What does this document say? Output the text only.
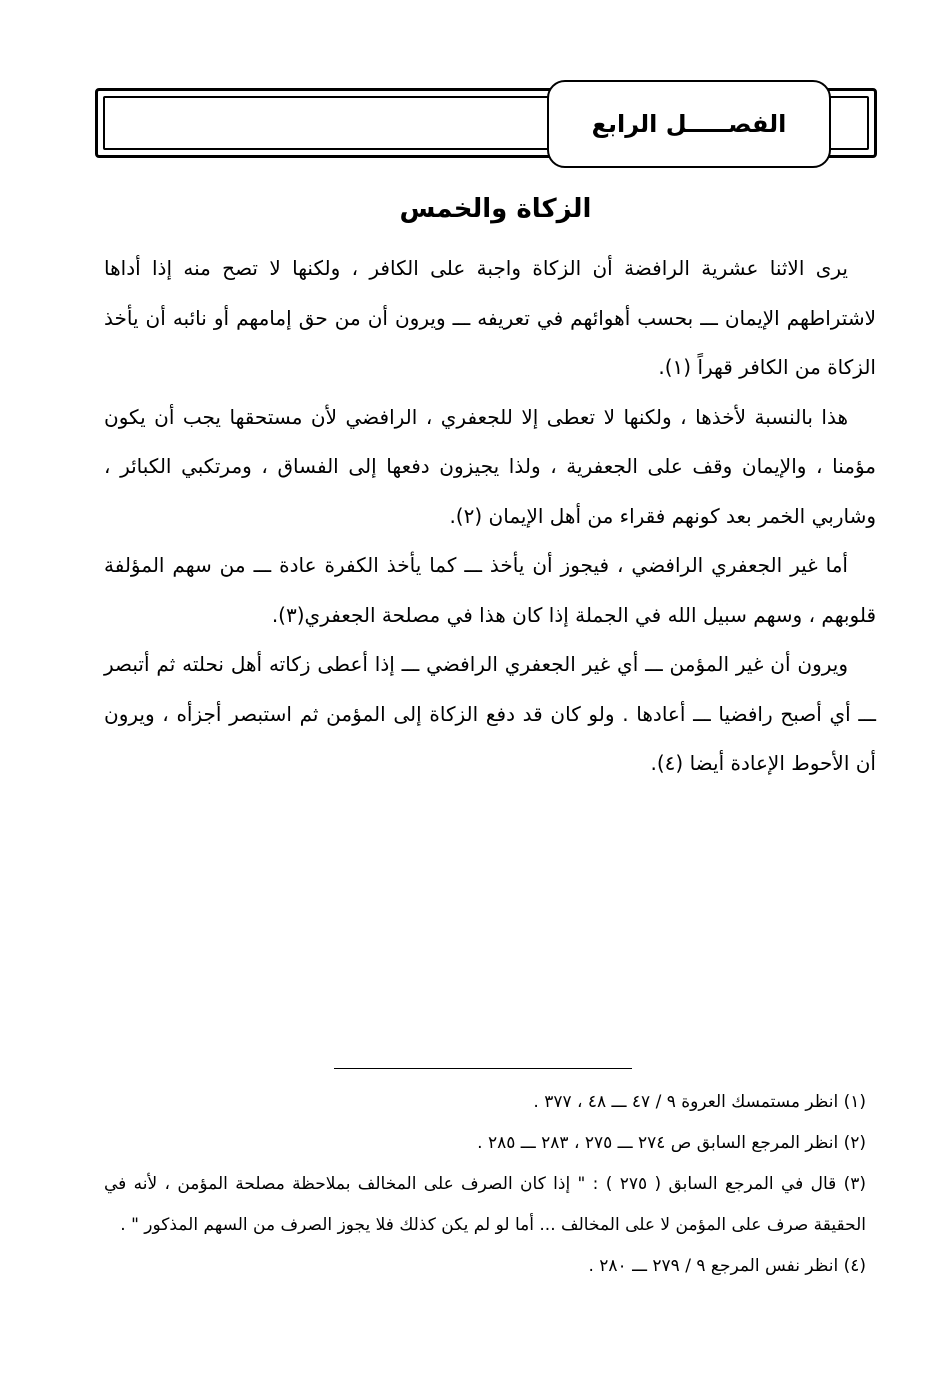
الفصـــــل الرابع
الزكاة والخمس

يرى الاثنا عشرية الرافضة أن الزكاة واجبة على الكافر ، ولكنها لا تصح منه إذا أداها لاشتراطهم الإيمان ـــ بحسب أهوائهم في تعريفه ـــ ويرون أن من حق إمامهم أو نائبه أن يأخذ الزكاة من الكافر قهراً (١).

هذا بالنسبة لأخذها ، ولكنها لا تعطى إلا للجعفري ، الرافضي لأن مستحقها يجب أن يكون مؤمنا ، والإيمان وقف على الجعفرية ، ولذا يجيزون دفعها إلى الفساق ، ومرتكبي الكبائر ، وشاربي الخمر بعد كونهم فقراء من أهل الإيمان (٢).

أما غير الجعفري الرافضي ، فيجوز أن يأخذ ـــ كما يأخذ الكفرة عادة ـــ من سهم المؤلفة قلوبهم ، وسهم سبيل الله في الجملة إذا كان هذا في مصلحة الجعفري(٣).

ويرون أن غير المؤمن ـــ أي غير الجعفري الرافضي ـــ إذا أعطى زكاته أهل نحلته ثم أتبصر ـــ أي أصبح رافضيا ـــ أعادها . ولو كان قد دفع الزكاة إلى المؤمن ثم استبصر أجزأه ، ويرون أن الأحوط الإعادة أيضا (٤).

(١) انظر مستمسك العروة ٩ / ٤٧ ـــ ٤٨ ، ٣٧٧ .

(٢) انظر المرجع السابق ص ٢٧٤ ـــ ٢٧٥ ، ٢٨٣ ـــ ٢٨٥ .

(٣) قال في المرجع السابق ( ٢٧٥ ) : " إذا كان الصرف على المخالف بملاحظة مصلحة المؤمن ، لأنه في الحقيقة صرف على المؤمن لا على المخالف ... أما لو لم يكن كذلك فلا يجوز الصرف من السهم المذكور " .

(٤) انظر نفس المرجع ٩ / ٢٧٩ ـــ ٢٨٠ .
